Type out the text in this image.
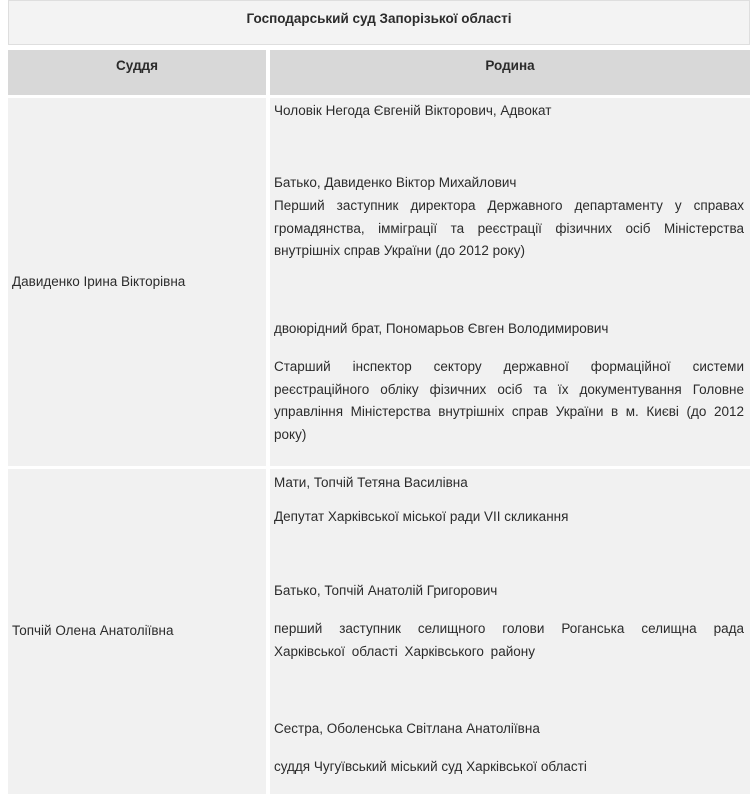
Господарський суд Запорізької області
Суддя	Родина
Давиденко Ірина Вікторівна
Чоловік Негода Євгеній Вікторович, Адвокат
Батько, Давиденко Віктор Михайлович
Перший заступник директора Державного департаменту у справах громадянства, імміграції та реєстрації фізичних осіб Міністерства внутрішніх справ України (до 2012 року)
двоюрідний брат, Пономарьов Євген Володимирович
Старший інспектор сектору державної формаційної системи реєстраційного обліку фізичних осіб та їх документування Головне управління Міністерства внутрішніх справ України в м. Києві (до 2012 року)
Топчій Олена Анатоліївна
Мати, Топчій Тетяна Василівна
Депутат Харківської міської ради VII скликання
Батько, Топчій Анатолій Григорович
перший заступник селищного голови Роганська селищна рада Харківської області Харківського району
Сестра, Оболенська Світлана Анатоліївна
суддя Чугуївський міський суд Харківської області
